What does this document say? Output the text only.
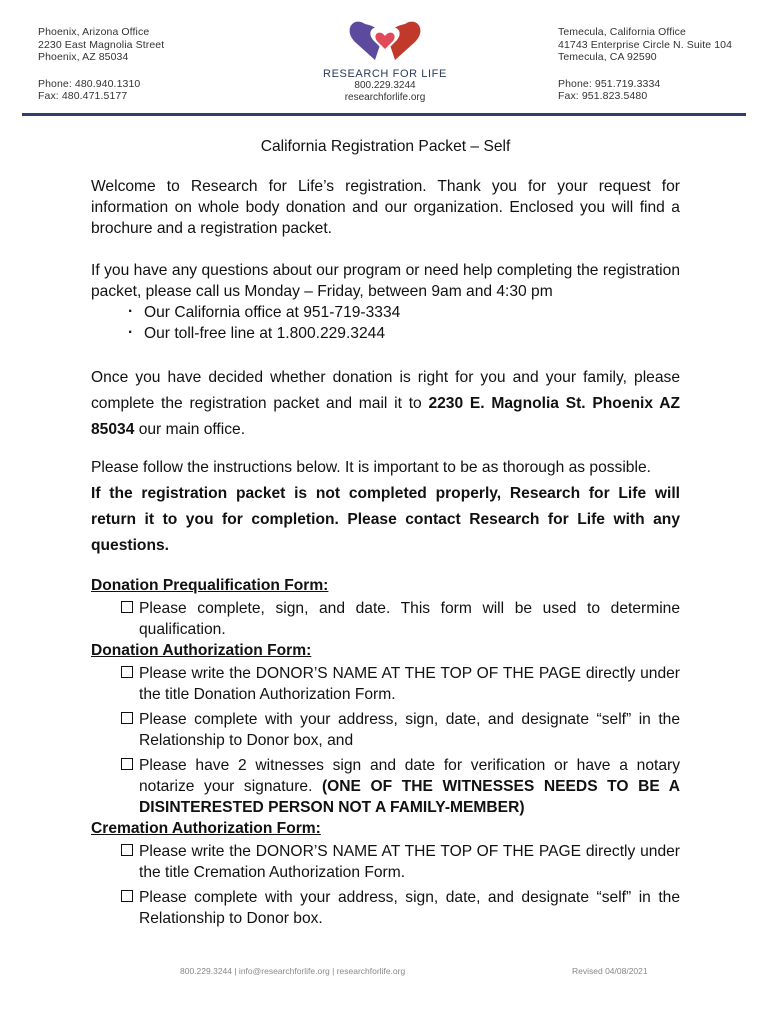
Phoenix, Arizona Office
2230 East Magnolia Street
Phoenix, AZ 85034
Phone: 480.940.1310
Fax: 480.471.5177
RESEARCH FOR LIFE
800.229.3244
researchforlife.org
Temecula, California Office
41743 Enterprise Circle N. Suite 104
Temecula, CA 92590
Phone: 951.719.3334
Fax: 951.823.5480
California Registration Packet – Self

Welcome to Research for Life’s registration. Thank you for your request for information on whole body donation and our organization. Enclosed you will find a brochure and a registration packet.

If you have any questions about our program or need help completing the registration packet, please call us Monday – Friday, between 9am and 4:30 pm

· Our California office at 951-719-3334
· Our toll-free line at 1.800.229.3244

Once you have decided whether donation is right for you and your family, please complete the registration packet and mail it to 2230 E. Magnolia St. Phoenix AZ 85034 our main office.

Please follow the instructions below. It is important to be as thorough as possible.
If the registration packet is not completed properly, Research for Life will return it to you for completion. Please contact Research for Life with any questions.

Donation Prequalification Form:
Please complete, sign, and date. This form will be used to determine qualification.
Donation Authorization Form:
Please write the DONOR’S NAME AT THE TOP OF THE PAGE directly under the title Donation Authorization Form.
Please complete with your address, sign, date, and designate “self” in the Relationship to Donor box, and
Please have 2 witnesses sign and date for verification or have a notary notarize your signature. (ONE OF THE WITNESSES NEEDS TO BE A DISINTERESTED PERSON NOT A FAMILY-MEMBER)
Cremation Authorization Form:
Please write the DONOR’S NAME AT THE TOP OF THE PAGE directly under the title Cremation Authorization Form.
Please complete with your address, sign, date, and designate “self” in the Relationship to Donor box.
800.229.3244 | info@researchforlife.org | researchforlife.org	Revised 04/08/2021
